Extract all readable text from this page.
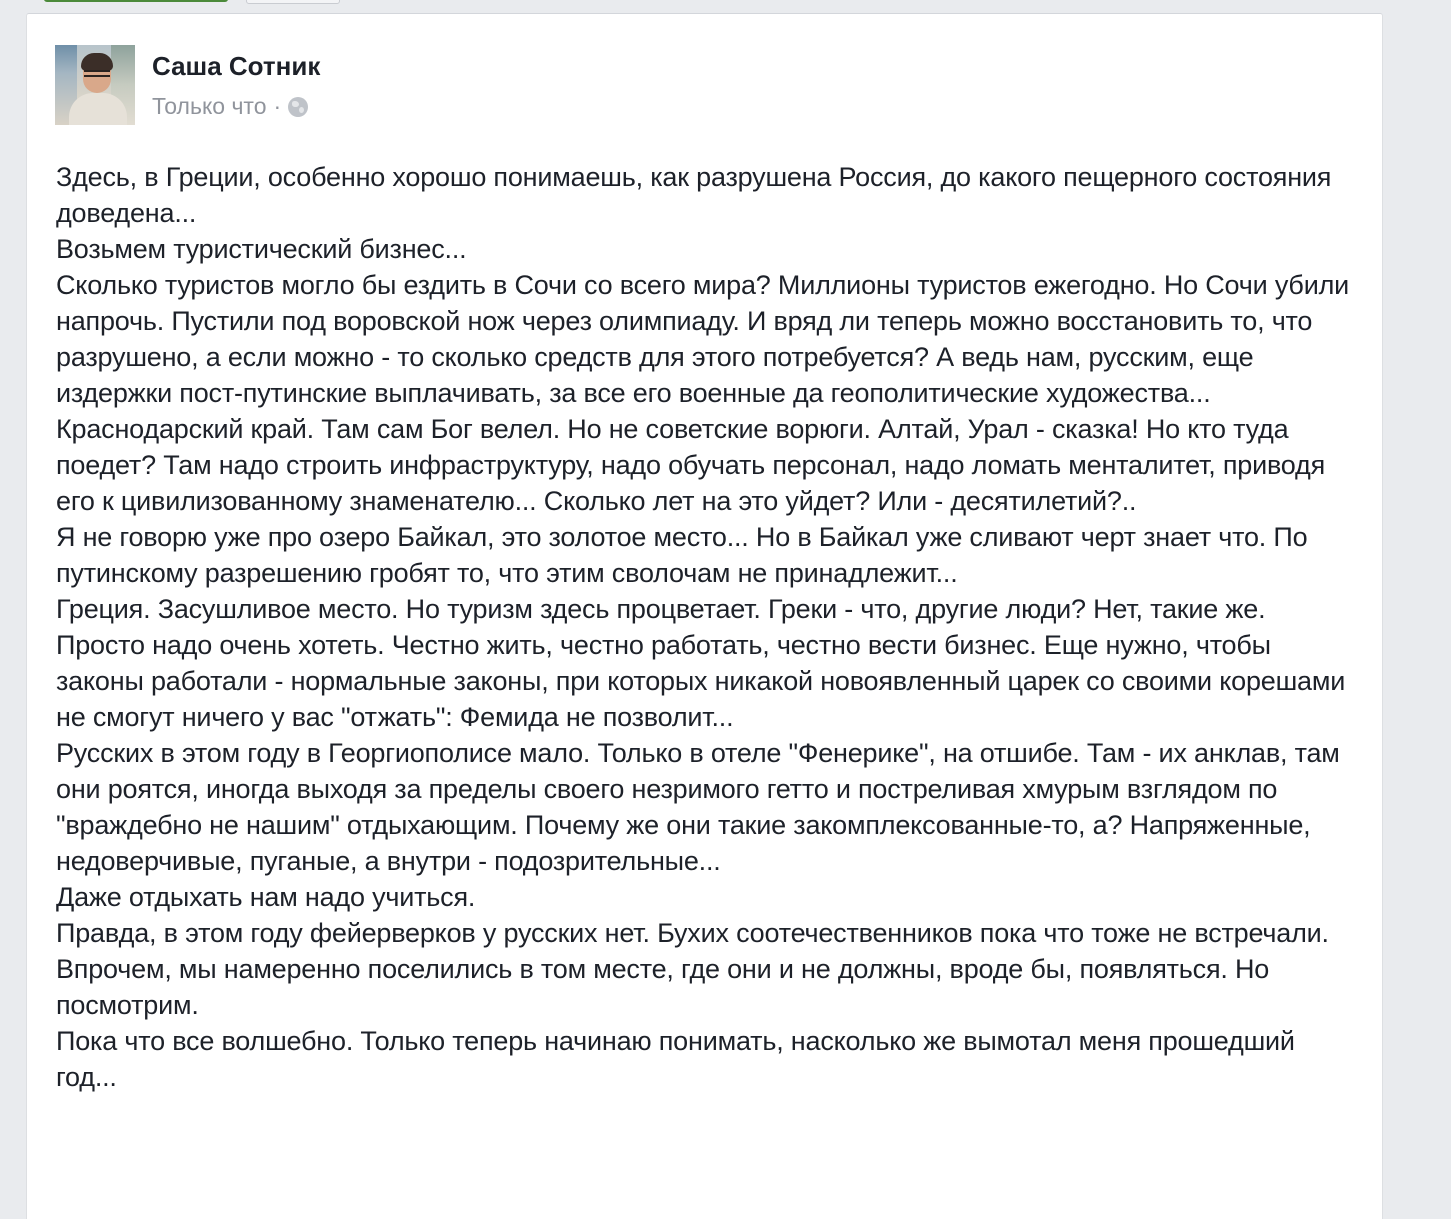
Саша Сотник
Только что ·

Здесь, в Греции, особенно хорошо понимаешь, как разрушена Россия, до какого пещерного состояния доведена...

Возьмем туристический бизнес...

Сколько туристов могло бы ездить в Сочи со всего мира? Миллионы туристов ежегодно. Но Сочи убили напрочь. Пустили под воровской нож через олимпиаду. И вряд ли теперь можно восстановить то, что разрушено, а если можно - то сколько средств для этого потребуется? А ведь нам, русским, еще издержки пост-путинские выплачивать, за все его военные да геополитические художества...

Краснодарский край. Там сам Бог велел. Но не советские ворюги. Алтай, Урал - сказка! Но кто туда поедет? Там надо строить инфраструктуру, надо обучать персонал, надо ломать менталитет, приводя его к цивилизованному знаменателю... Сколько лет на это уйдет? Или - десятилетий?..

Я не говорю уже про озеро Байкал, это золотое место... Но в Байкал уже сливают черт знает что. По путинскому разрешению гробят то, что этим сволочам не принадлежит...

Греция. Засушливое место. Но туризм здесь процветает. Греки - что, другие люди? Нет, такие же. Просто надо очень хотеть. Честно жить, честно работать, честно вести бизнес. Еще нужно, чтобы законы работали - нормальные законы, при которых никакой новоявленный царек со своими корешами не смогут ничего у вас "отжать": Фемида не позволит...

Русских в этом году в Георгиополисе мало. Только в отеле "Фенерике", на отшибе. Там - их анклав, там они роятся, иногда выходя за пределы своего незримого гетто и постреливая хмурым взглядом по "враждебно не нашим" отдыхающим. Почему же они такие закомплексованные-то, а? Напряженные, недоверчивые, пуганые, а внутри - подозрительные...

Даже отдыхать нам надо учиться.

Правда, в этом году фейерверков у русских нет. Бухих соотечественников пока что тоже не встречали. Впрочем, мы намеренно поселились в том месте, где они и не должны, вроде бы, появляться. Но посмотрим.

Пока что все волшебно. Только теперь начинаю понимать, насколько же вымотал меня прошедший год...
